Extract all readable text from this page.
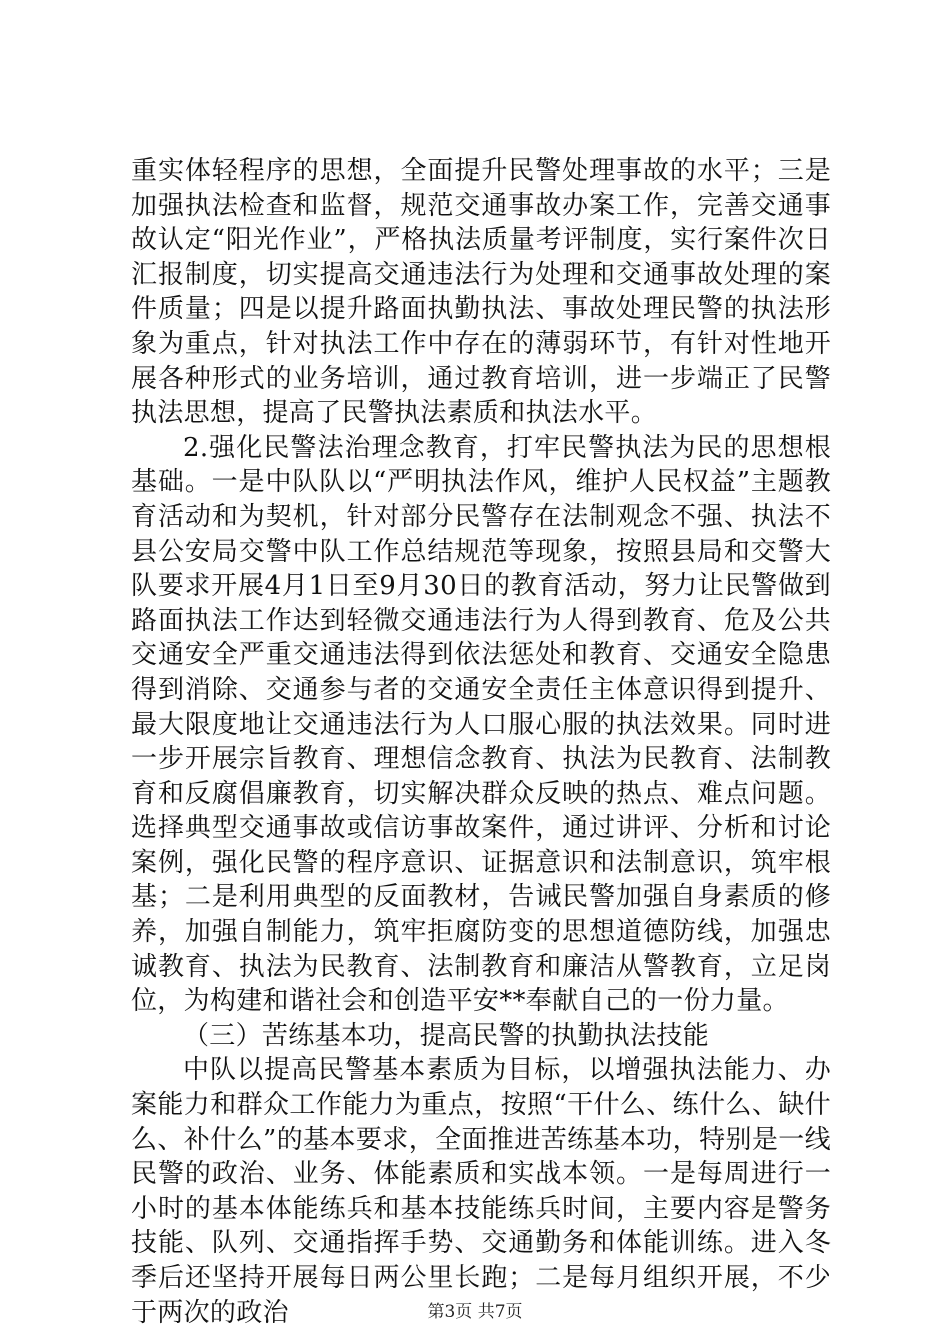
重实体轻程序的思想，全面提升民警处理事故的水平；三是加强执法检查和监督，规范交通事故办案工作，完善交通事故认定“阳光作业”，严格执法质量考评制度，实行案件次日汇报制度，切实提高交通违法行为处理和交通事故处理的案件质量；四是以提升路面执勤执法、事故处理民警的执法形象为重点，针对执法工作中存在的薄弱环节，有针对性地开展各种形式的业务培训，通过教育培训，进一步端正了民警执法思想，提高了民警执法素质和执法水平。

2.强化民警法治理念教育，打牢民警执法为民的思想根基础。一是中队队以“严明执法作风，维护人民权益”主题教育活动和为契机，针对部分民警存在法制观念不强、执法不县公安局交警中队工作总结规范等现象，按照县局和交警大队要求开展4月1日至9月30日的教育活动，努力让民警做到路面执法工作达到轻微交通违法行为人得到教育、危及公共交通安全严重交通违法得到依法惩处和教育、交通安全隐患得到消除、交通参与者的交通安全责任主体意识得到提升、最大限度地让交通违法行为人口服心服的执法效果。同时进一步开展宗旨教育、理想信念教育、执法为民教育、法制教育和反腐倡廉教育，切实解决群众反映的热点、难点问题。选择典型交通事故或信访事故案件，通过讲评、分析和讨论案例，强化民警的程序意识、证据意识和法制意识，筑牢根基；二是利用典型的反面教材，告诫民警加强自身素质的修养，加强自制能力，筑牢拒腐防变的思想道德防线，加强忠诚教育、执法为民教育、法制教育和廉洁从警教育，立足岗位，为构建和谐社会和创造平安**奉献自己的一份力量。

（三）苦练基本功，提高民警的执勤执法技能

中队以提高民警基本素质为目标，以增强执法能力、办案能力和群众工作能力为重点，按照“干什么、练什么、缺什么、补什么”的基本要求，全面推进苦练基本功，特别是一线民警的政治、业务、体能素质和实战本领。一是每周进行一小时的基本体能练兵和基本技能练兵时间，主要内容是警务技能、队列、交通指挥手势、交通勤务和体能训练。进入冬季后还坚持开展每日两公里长跑；二是每月组织开展，不少于两次的政治	第3页 共7页
